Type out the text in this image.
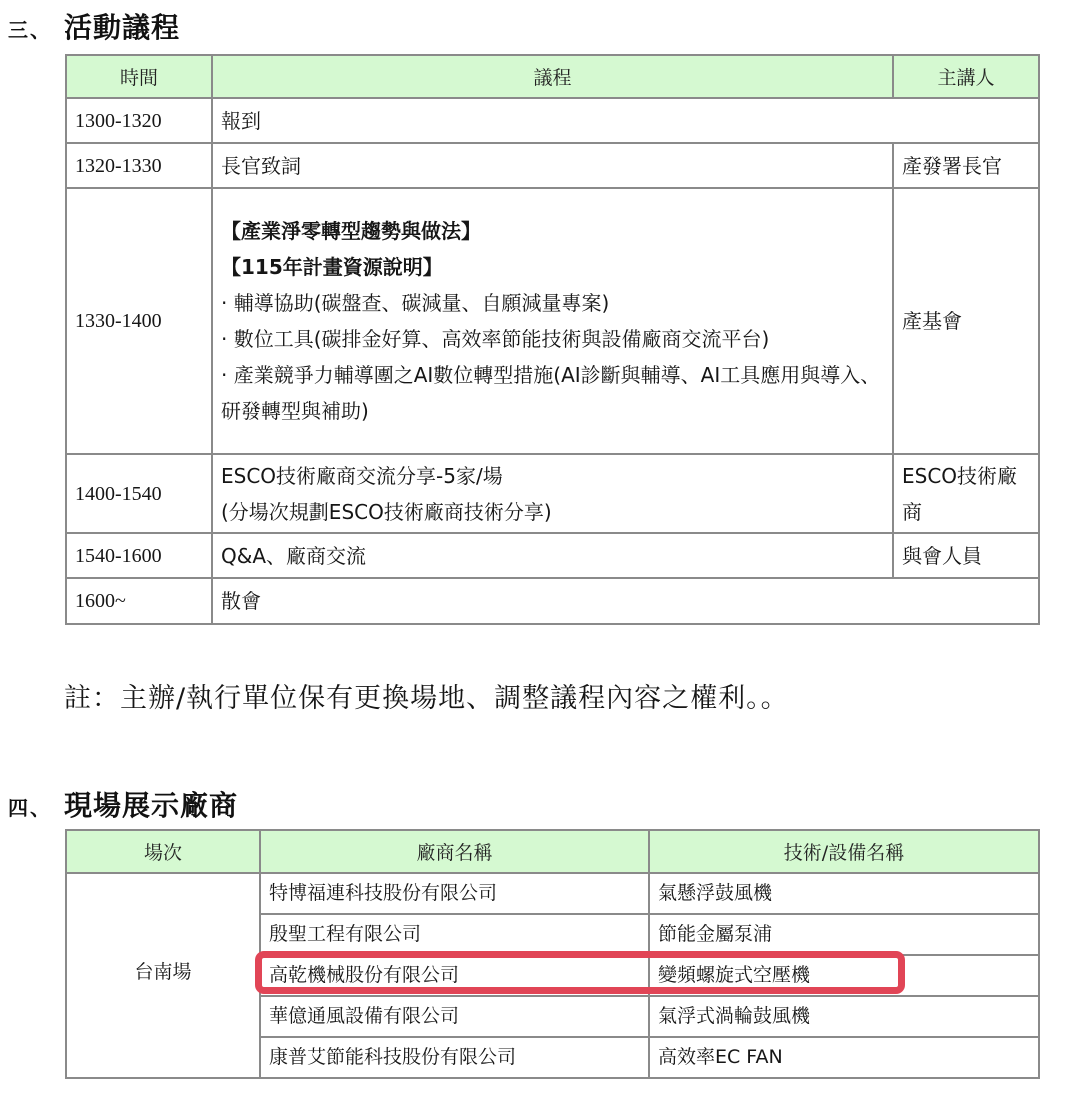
三、 活動議程
時間	議程	主講人
1300-1320	報到	
1320-1330	長官致詞	產發署長官
1330-1400	【產業淨零轉型趨勢與做法】
【115年計畫資源說明】
· 輔導協助(碳盤查、碳減量、自願減量專案)
· 數位工具(碳排金好算、高效率節能技術與設備廠商交流平台)
· 產業競爭力輔導團之AI數位轉型措施(AI診斷與輔導、AI工具應用與導入、研發轉型與補助)	產基會
1400-1540	ESCO技術廠商交流分享-5家/場
(分場次規劃ESCO技術廠商技術分享)	ESCO技術廠商
1540-1600	Q&A、廠商交流	與會人員
1600~	散會	
註：主辦/執行單位保有更換場地、調整議程內容之權利。。
四、 現場展示廠商
場次	廠商名稱	技術/設備名稱
台南場	特博福連科技股份有限公司	氣懸浮鼓風機
	殷聖工程有限公司	節能金屬泵浦
	高乾機械股份有限公司	變頻螺旋式空壓機
	華億通風設備有限公司	氣浮式渦輪鼓風機
	康普艾節能科技股份有限公司	高效率EC FAN
